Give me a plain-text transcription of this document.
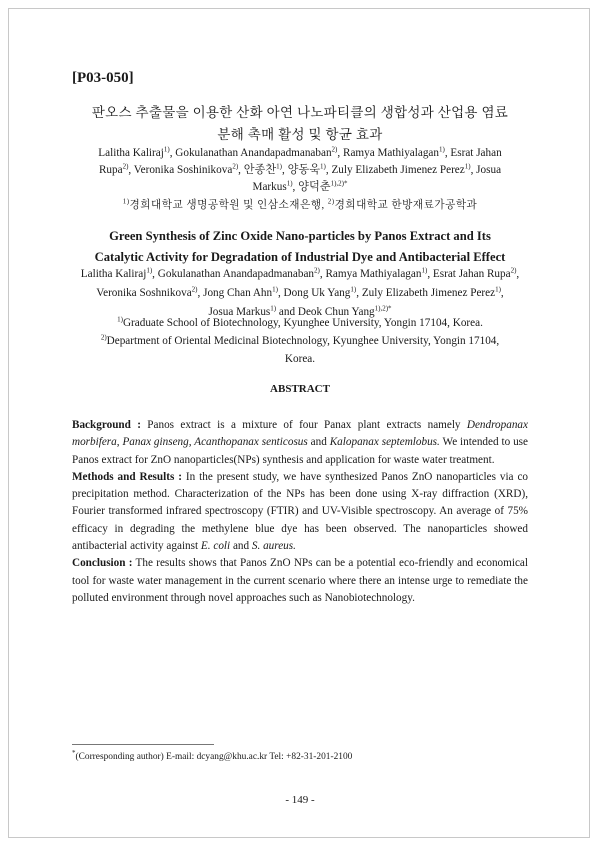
[P03-050]
판오스 추출물을 이용한 산화 아연 나노파티클의 생합성과 산업용 염료
분해 촉매 활성 및 항균 효과
Lalitha Kaliraj$^{1)}$, Gokulanathan Anandapadmanaban$^{2)}$, Ramya Mathiyalagan$^{1)}$, Esrat Jahan
Rupa$^{2)}$, Veronika Soshinikova$^{2)}$, 안종찬$^{1)}$, 양동욱$^{1)}$, Zuly Elizabeth Jimenez Perez$^{1)}$, Josua
Markus$^{1)}$, 양덕춘$^{1),2)*}$
$^{1)}$경희대학교 생명공학원 및 인삼소재은행, $^{2)}$경희대학교 한방재료가공학과
Green Synthesis of Zinc Oxide Nano-particles by Panos Extract and Its
Catalytic Activity for Degradation of Industrial Dye and Antibacterial Effect
Lalitha Kaliraj$^{1)}$, Gokulanathan Anandapadmanaban$^{2)}$, Ramya Mathiyalagan$^{1)}$, Esrat Jahan Rupa$^{2)}$,
Veronika Soshnikova$^{2)}$, Jong Chan Ahn$^{1)}$, Dong Uk Yang$^{1)}$, Zuly Elizabeth Jimenez Perez$^{1)}$,
Josua Markus$^{1)}$ and Deok Chun Yang$^{1),2)*}$
$^{1)}$Graduate School of Biotechnology, Kyunghee University, Yongin 17104, Korea.
$^{2)}$Department of Oriental Medicinal Biotechnology, Kyunghee University, Yongin 17104,
Korea.
ABSTRACT

Background : Panos extract is a mixture of four Panax plant extracts namely Dendropanax morbifera, Panax ginseng, Acanthopanax senticosus and Kalopanax septemlobus. We intended to use Panos extract for ZnO nanoparticles(NPs) synthesis and application for waste water treatment.

Methods and Results : In the present study, we have synthesized Panos ZnO nanoparticles via co precipitation method. Characterization of the NPs has been done using X-ray diffraction (XRD), Fourier transformed infrared spectroscopy (FTIR) and UV-Visible spectroscopy. An average of 75% efficacy in degrading the methylene blue dye has been observed. The nanoparticles showed antibacterial activity against E. coli and S. aureus.

Conclusion : The results shows that Panos ZnO NPs can be a potential eco-friendly and economical tool for waste water management in the current scenario where there an intense urge to remediate the polluted environment through novel approaches such as Nanobiotechnology.

*(Corresponding author) E-mail: dcyang@khu.ac.kr Tel: +82-31-201-2100
- 149 -
